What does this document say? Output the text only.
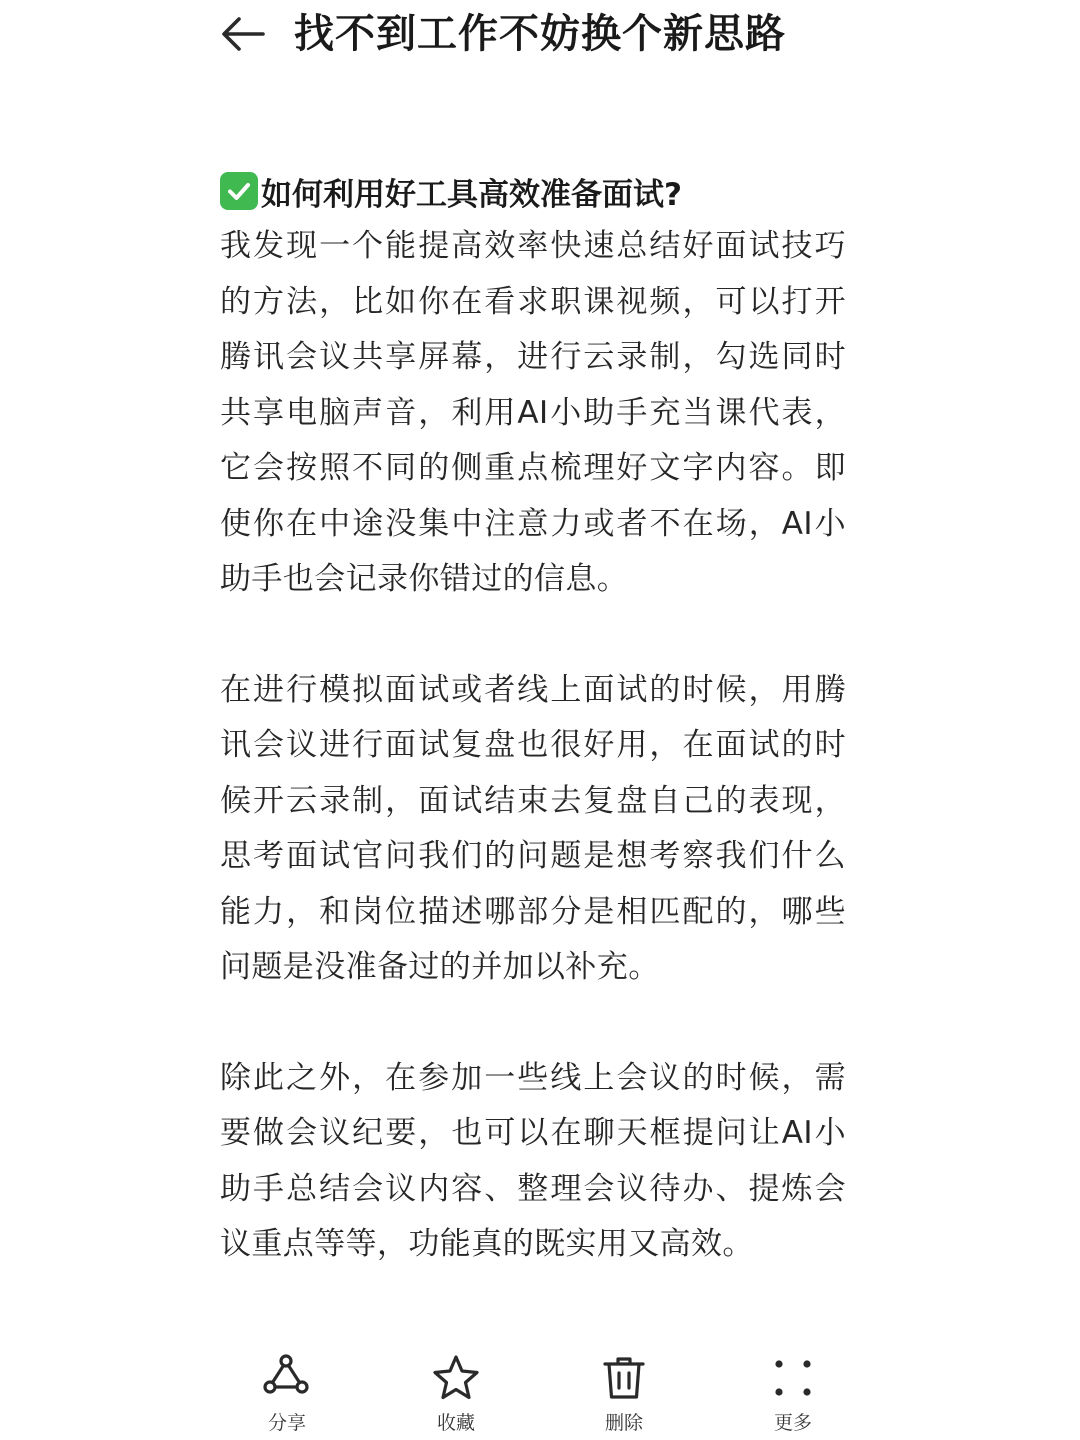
找不到工作不妨换个新思路
如何利用好工具高效准备面试?

我发现一个能提高效率快速总结好面试技巧的方法，比如你在看求职课视频，可以打开腾讯会议共享屏幕，进行云录制，勾选同时共享电脑声音，利用AI小助手充当课代表，它会按照不同的侧重点梳理好文字内容。即使你在中途没集中注意力或者不在场，AI小助手也会记录你错过的信息。

在进行模拟面试或者线上面试的时候，用腾讯会议进行面试复盘也很好用，在面试的时候开云录制，面试结束去复盘自己的表现，思考面试官问我们的问题是想考察我们什么能力，和岗位描述哪部分是相匹配的，哪些问题是没准备过的并加以补充。

除此之外，在参加一些线上会议的时候，需要做会议纪要，也可以在聊天框提问让AI小助手总结会议内容、整理会议待办、提炼会议重点等等，功能真的既实用又高效。

分享	收藏	删除	更多
